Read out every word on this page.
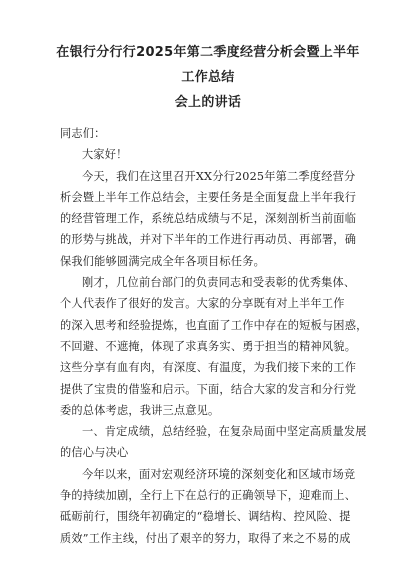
在银行分行行2025年第二季度经营分析会暨上半年工作总结
会上的讲话
同志们：
大家好！
今天，我们在这里召开XX分行2025年第二季度经营分
析会暨上半年工作总结会，主要任务是全面复盘上半年我行
的经营管理工作，系统总结成绩与不足，深刻剖析当前面临
的形势与挑战，并对下半年的工作进行再动员、再部署，确
保我们能够圆满完成全年各项目标任务。
刚才，几位前台部门的负责同志和受表彰的优秀集体、
个人代表作了很好的发言。大家的分享既有对上半年工作
的深入思考和经验提炼，也直面了工作中存在的短板与困惑，
不回避、不遮掩，体现了求真务实、勇于担当的精神风貌。
这些分享有血有肉，有深度、有温度，为我们接下来的工作
提供了宝贵的借鉴和启示。下面，结合大家的发言和分行党
委的总体考虑，我讲三点意见。
一、肯定成绩，总结经验，在复杂局面中坚定高质量发展
的信心与决心
今年以来，面对宏观经济环境的深刻变化和区域市场竞
争的持续加剧，全行上下在总行的正确领导下，迎难而上、
砥砺前行，围绕年初确定的“稳增长、调结构、控风险、提
质效”工作主线，付出了艰辛的努力，取得了来之不易的成
